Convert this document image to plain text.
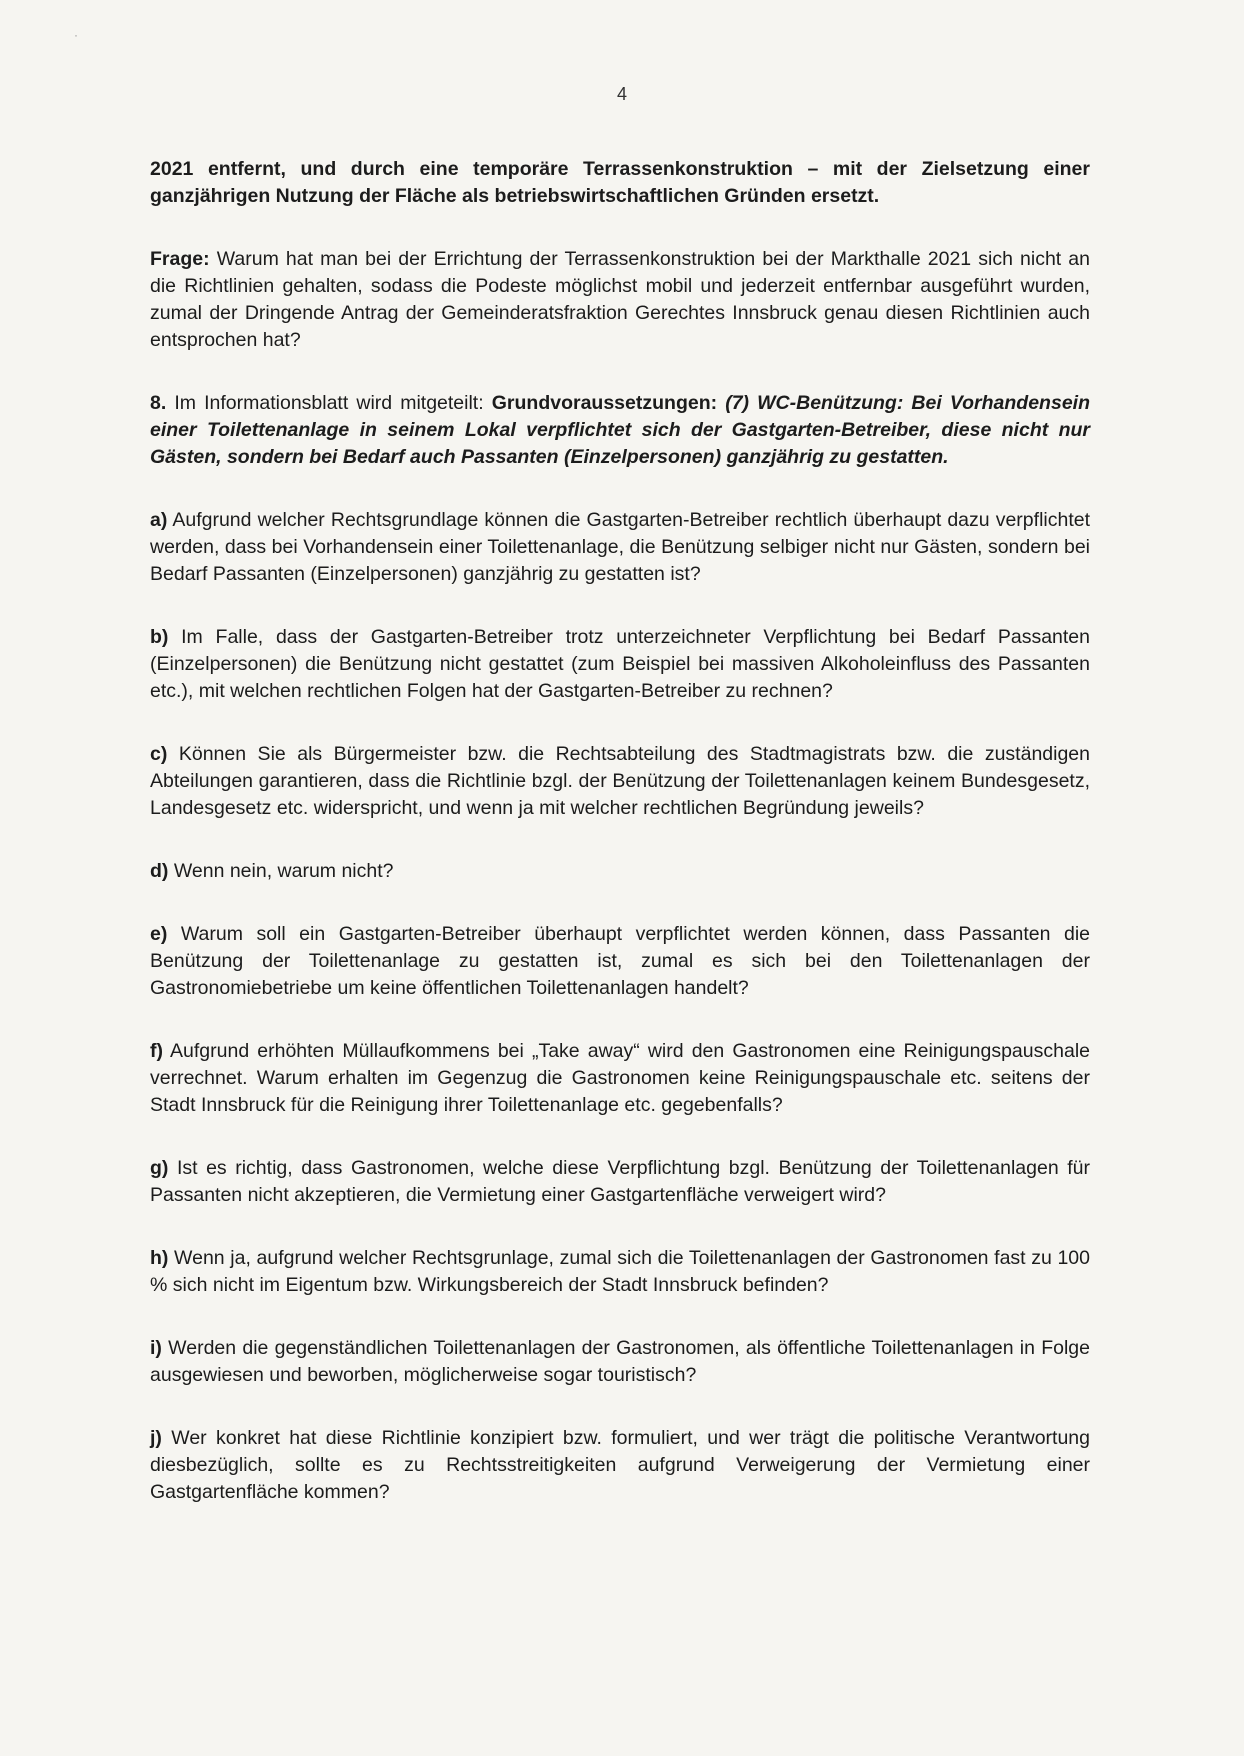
·
4

2021 entfernt, und durch eine temporäre Terrassenkonstruktion – mit der Zielsetzung einer ganzjährigen Nutzung der Fläche als betriebswirtschaftlichen Gründen ersetzt.

Frage: Warum hat man bei der Errichtung der Terrassenkonstruktion bei der Markthalle 2021 sich nicht an die Richtlinien gehalten, sodass die Podeste möglichst mobil und jederzeit entfernbar ausgeführt wurden, zumal der Dringende Antrag der Gemeinderatsfraktion Gerechtes Innsbruck genau diesen Richtlinien auch entsprochen hat?

8. Im Informationsblatt wird mitgeteilt: Grundvoraussetzungen: (7) WC-Benützung: Bei Vorhandensein einer Toilettenanlage in seinem Lokal verpflichtet sich der Gastgarten-Betreiber, diese nicht nur Gästen, sondern bei Bedarf auch Passanten (Einzelpersonen) ganzjährig zu gestatten.

a) Aufgrund welcher Rechtsgrundlage können die Gastgarten-Betreiber rechtlich überhaupt dazu verpflichtet werden, dass bei Vorhandensein einer Toilettenanlage, die Benützung selbiger nicht nur Gästen, sondern bei Bedarf Passanten (Einzelpersonen) ganzjährig zu gestatten ist?

b) Im Falle, dass der Gastgarten-Betreiber trotz unterzeichneter Verpflichtung bei Bedarf Passanten (Einzelpersonen) die Benützung nicht gestattet (zum Beispiel bei massiven Alkoholeinfluss des Passanten etc.), mit welchen rechtlichen Folgen hat der Gastgarten-Betreiber zu rechnen?

c) Können Sie als Bürgermeister bzw. die Rechtsabteilung des Stadtmagistrats bzw. die zuständigen Abteilungen garantieren, dass die Richtlinie bzgl. der Benützung der Toilettenanlagen keinem Bundesgesetz, Landesgesetz etc. widerspricht, und wenn ja mit welcher rechtlichen Begründung jeweils?

d) Wenn nein, warum nicht?

e) Warum soll ein Gastgarten-Betreiber überhaupt verpflichtet werden können, dass Passanten die Benützung der Toilettenanlage zu gestatten ist, zumal es sich bei den Toilettenanlagen der Gastronomiebetriebe um keine öffentlichen Toilettenanlagen handelt?

f) Aufgrund erhöhten Müllaufkommens bei „Take away“ wird den Gastronomen eine Reinigungspauschale verrechnet. Warum erhalten im Gegenzug die Gastronomen keine Reinigungspauschale etc. seitens der Stadt Innsbruck für die Reinigung ihrer Toilettenanlage etc. gegebenfalls?

g) Ist es richtig, dass Gastronomen, welche diese Verpflichtung bzgl. Benützung der Toilettenanlagen für Passanten nicht akzeptieren, die Vermietung einer Gastgartenfläche verweigert wird?

h) Wenn ja, aufgrund welcher Rechtsgrunlage, zumal sich die Toilettenanlagen der Gastronomen fast zu 100 % sich nicht im Eigentum bzw. Wirkungsbereich der Stadt Innsbruck befinden?

i) Werden die gegenständlichen Toilettenanlagen der Gastronomen, als öffentliche Toilettenanlagen in Folge ausgewiesen und beworben, möglicherweise sogar touristisch?

j) Wer konkret hat diese Richtlinie konzipiert bzw. formuliert, und wer trägt die politische Verantwortung diesbezüglich, sollte es zu Rechtsstreitigkeiten aufgrund Verweigerung der Vermietung einer Gastgartenfläche kommen?
